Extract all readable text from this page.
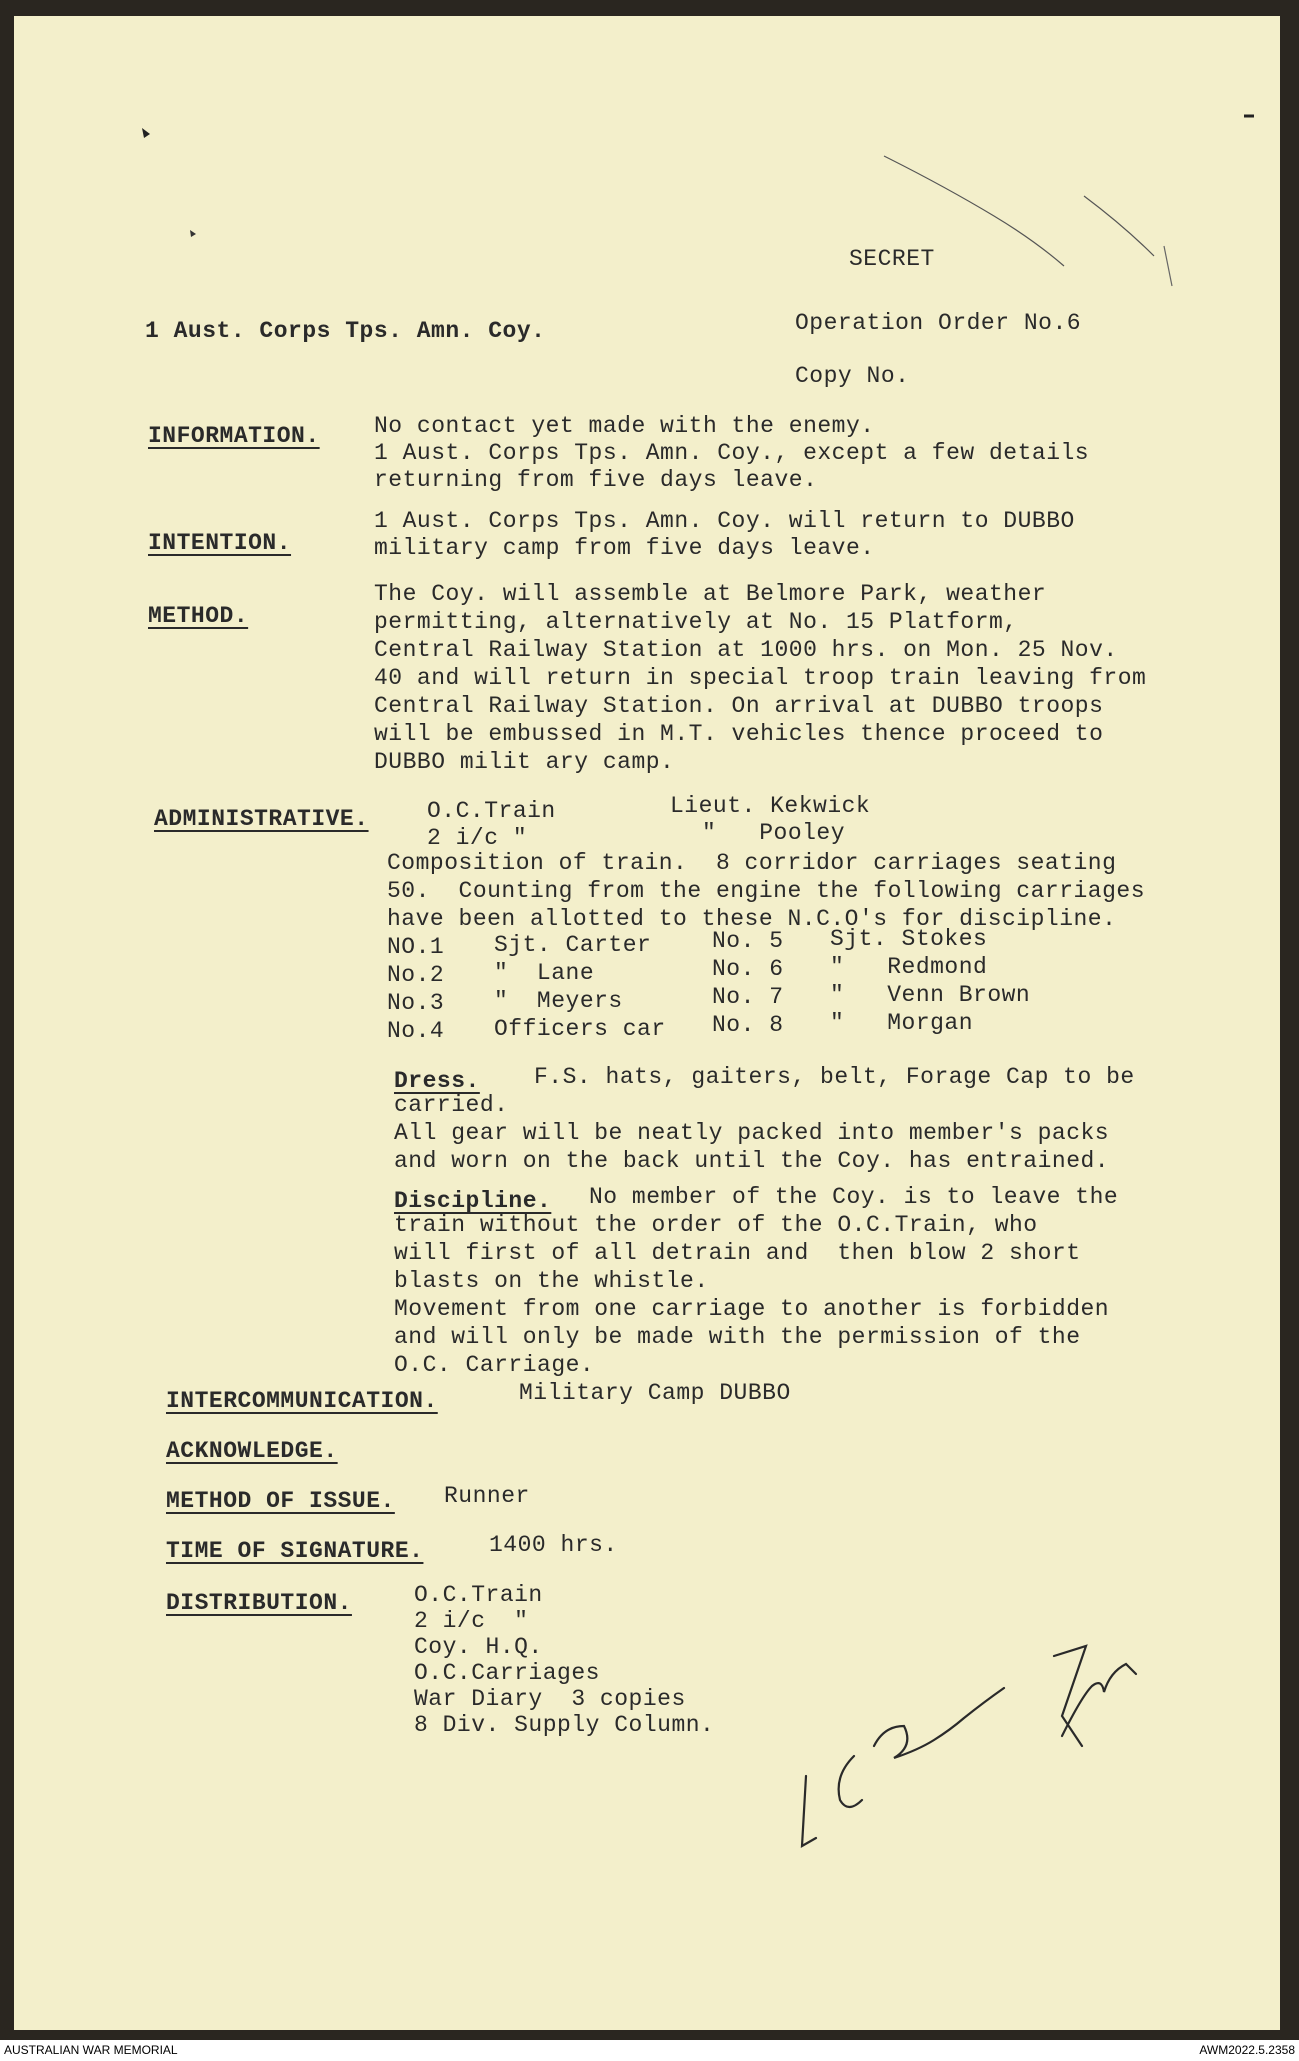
SECRET
1 Aust. Corps Tps. Amn. Coy.	Operation Order No.6
Copy No.
INFORMATION. No contact yet made with the enemy.
1 Aust. Corps Tps. Amn. Coy., except a few details
returning from five days leave.
INTENTION.
1 Aust. Corps Tps. Amn. Coy. will return to DUBBO
military camp from five days leave.
METHOD.
The Coy. will assemble at Belmore Park, weather
permitting, alternatively at No. 15 Platform,
Central Railway Station at 1000 hrs. on Mon. 25 Nov.
40 and will return in special troop train leaving from
Central Railway Station. On arrival at DUBBO troops
will be embussed in M.T. vehicles thence proceed to
DUBBO milit ary camp.
ADMINISTRATIVE.	O.C.Train	Lieut. Kekwick
2 i/c "	"   Pooley
Composition of train.  8 corridor carriages seating
50.  Counting from the engine the following carriages
have been allotted to these N.C.O's for discipline.
NO.1 Sjt. Carter	No. 5 Sjt. Stokes
No.2 "  Lane	No. 6 "   Redmond
No.3 "  Meyers	No. 7 "   Venn Brown
No.4 Officers car No. 8 "   Morgan
Dress. F.S. hats, gaiters, belt, Forage Cap to be
carried.
All gear will be neatly packed into member's packs
and worn on the back until the Coy. has entrained.
Discipline. No member of the Coy. is to leave the
train without the order of the O.C.Train, who
will first of all detrain and  then blow 2 short
blasts on the whistle.
Movement from one carriage to another is forbidden
and will only be made with the permission of the
O.C. Carriage.
INTERCOMMUNICATION.	Military Camp DUBBO
ACKNOWLEDGE.
METHOD OF ISSUE. Runner
TIME OF SIGNATURE.	1400 hrs.
DISTRIBUTION.	O.C.Train
2 i/c  "
Coy. H.Q.
O.C.Carriages
War Diary  3 copies
8 Div. Supply Column.
AUSTRALIAN WAR MEMORIAL	AWM2022.5.2358
